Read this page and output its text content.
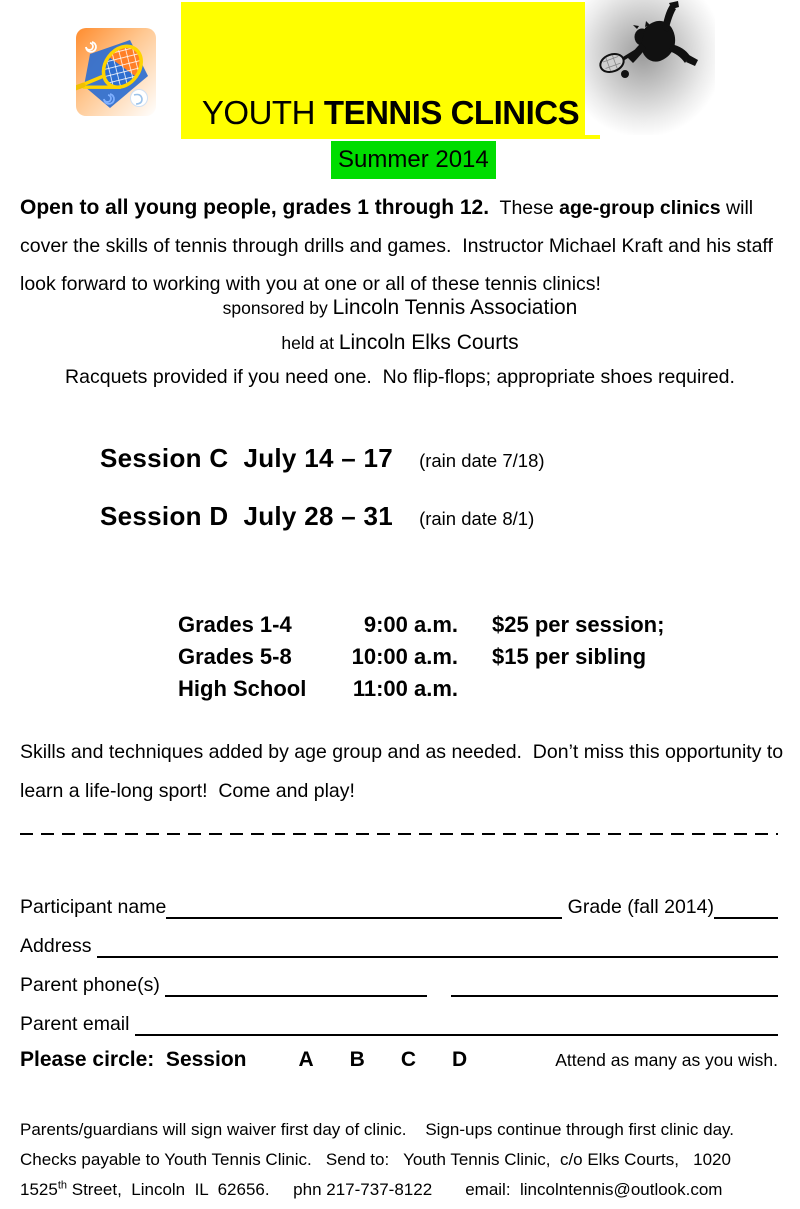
YOUTH TENNIS CLINICS
Summer 2014

Open to all young people, grades 1 through 12.  These age-group clinics will cover the skills of tennis through drills and games.  Instructor Michael Kraft and his staff look forward to working with you at one or all of these tennis clinics!

sponsored by Lincoln Tennis Association
held at Lincoln Elks Courts
Racquets provided if you need one.  No flip-flops; appropriate shoes required.
Session C  July 14 – 17 (rain date 7/18)
Session D  July 28 – 31 (rain date 8/1)
Grades 1-4	9:00 a.m. $25 per session;
Grades 5-8	10:00 a.m. $15 per sibling
High School	11:00 a.m.

Skills and techniques added by age group and as needed.  Don’t miss this opportunity to learn a life-long sport!  Come and play!

Participant name	Grade (fall 2014)
Address
Parent phone(s)
Parent email
Please circle:  Session A B C D	Attend as many as you wish.
Parents/guardians will sign waiver first day of clinic.    Sign-ups continue through first clinic day.
Checks payable to Youth Tennis Clinic.   Send to:   Youth Tennis Clinic,  c/o Elks Courts,   1020
1525th Street,  Lincoln  IL  62656.     phn 217-737-8122       email:  lincolntennis@outlook.com
